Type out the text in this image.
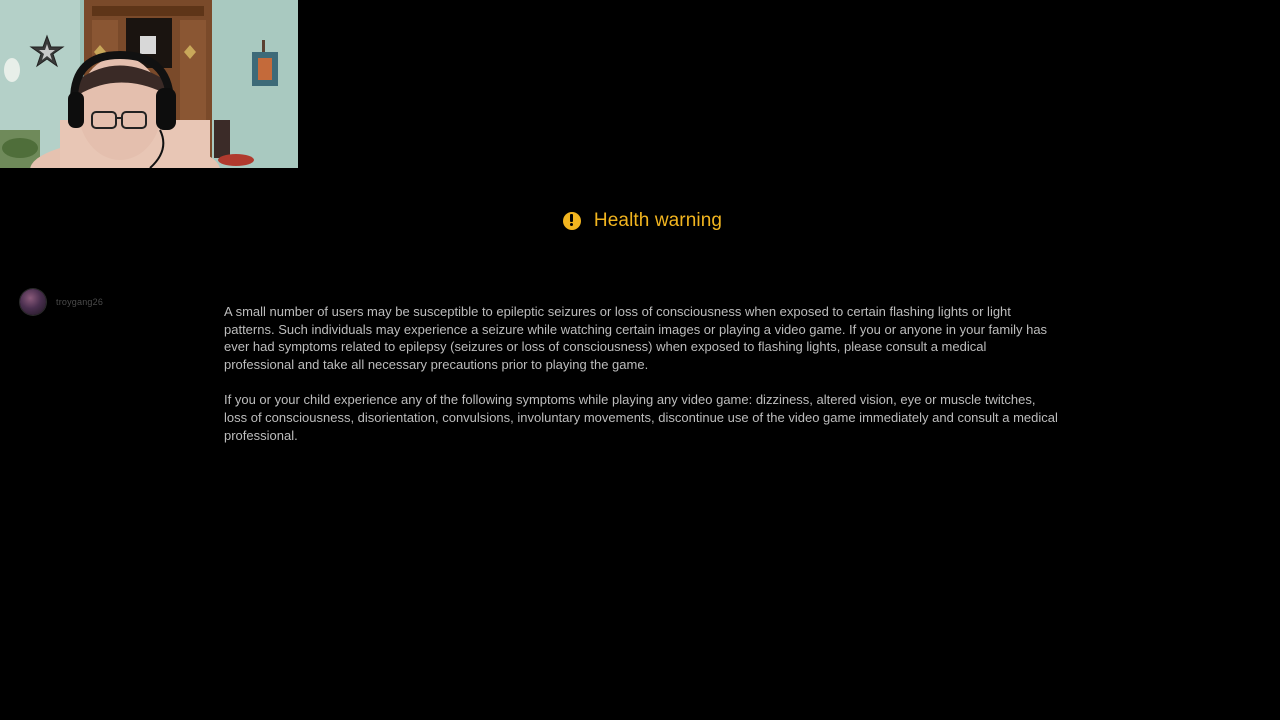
troygang26
Health warning

A small number of users may be susceptible to epileptic seizures or loss of consciousness when exposed to certain flashing lights or light patterns. Such individuals may experience a seizure while watching certain images or playing a video game. If you or anyone in your family has ever had symptoms related to epilepsy (seizures or loss of consciousness) when exposed to flashing lights, please consult a medical professional and take all necessary precautions prior to playing the game.

If you or your child experience any of the following symptoms while playing any video game: dizziness, altered vision, eye or muscle twitches, loss of consciousness, disorientation, convulsions, involuntary movements, discontinue use of the video game immediately and consult a medical professional.
